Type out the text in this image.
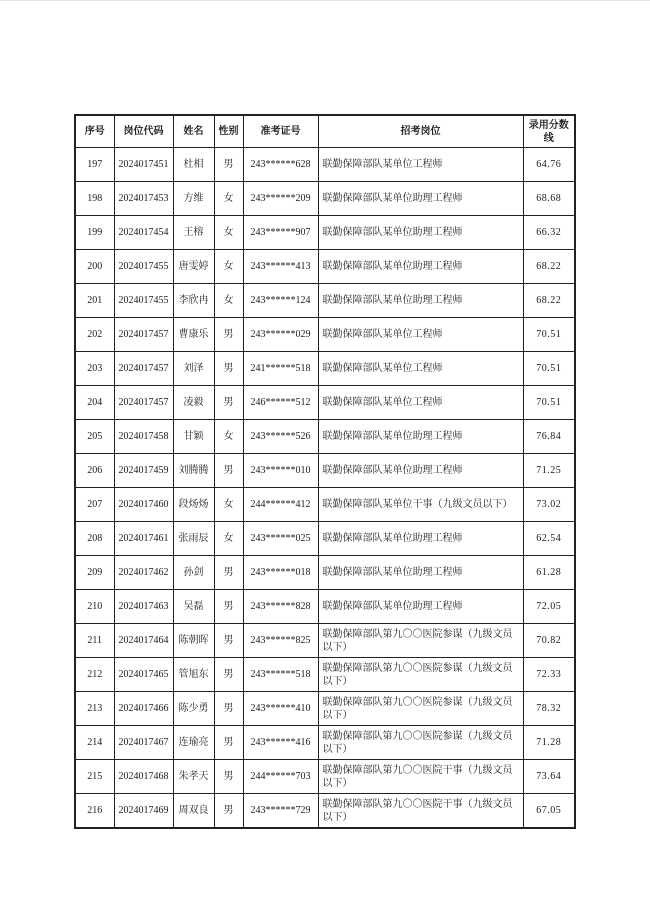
序号	岗位代码	姓名	性别	准考证号	招考岗位	录用分数线
197	2024017451	杜相	男	243******628	联勤保障部队某单位工程师	64.76
198	2024017453	方维	女	243******209	联勤保障部队某单位助理工程师	68.68
199	2024017454	王榕	女	243******907	联勤保障部队某单位助理工程师	66.32
200	2024017455	唐雯婷	女	243******413	联勤保障部队某单位助理工程师	68.22
201	2024017455	李欣冉	女	243******124	联勤保障部队某单位助理工程师	68.22
202	2024017457	曹康乐	男	243******029	联勤保障部队某单位工程师	70.51
203	2024017457	刘泽	男	241******518	联勤保障部队某单位工程师	70.51
204	2024017457	凌毅	男	246******512	联勤保障部队某单位工程师	70.51
205	2024017458	甘颖	女	243******526	联勤保障部队某单位助理工程师	76.84
206	2024017459	刘腾腾	男	243******010	联勤保障部队某单位助理工程师	71.25
207	2024017460	段炀炀	女	244******412	联勤保障部队某单位干事（九级文员以下）	73.02
208	2024017461	张雨辰	女	243******025	联勤保障部队某单位助理工程师	62.54
209	2024017462	孙剑	男	243******018	联勤保障部队某单位助理工程师	61.28
210	2024017463	吴磊	男	243******828	联勤保障部队某单位助理工程师	72.05
211	2024017464	陈朝晖	男	243******825	联勤保障部队第九〇〇医院参谋（九级文员以下）	70.82
212	2024017465	管旭东	男	243******518	联勤保障部队第九〇〇医院参谋（九级文员以下）	72.33
213	2024017466	陈少勇	男	243******410	联勤保障部队第九〇〇医院参谋（九级文员以下）	78.32
214	2024017467	连瑜亮	男	243******416	联勤保障部队第九〇〇医院参谋（九级文员以下）	71.28
215	2024017468	朱孝天	男	244******703	联勤保障部队第九〇〇医院干事（九级文员以下）	73.64
216	2024017469	周双良	男	243******729	联勤保障部队第九〇〇医院干事（九级文员以下）	67.05
